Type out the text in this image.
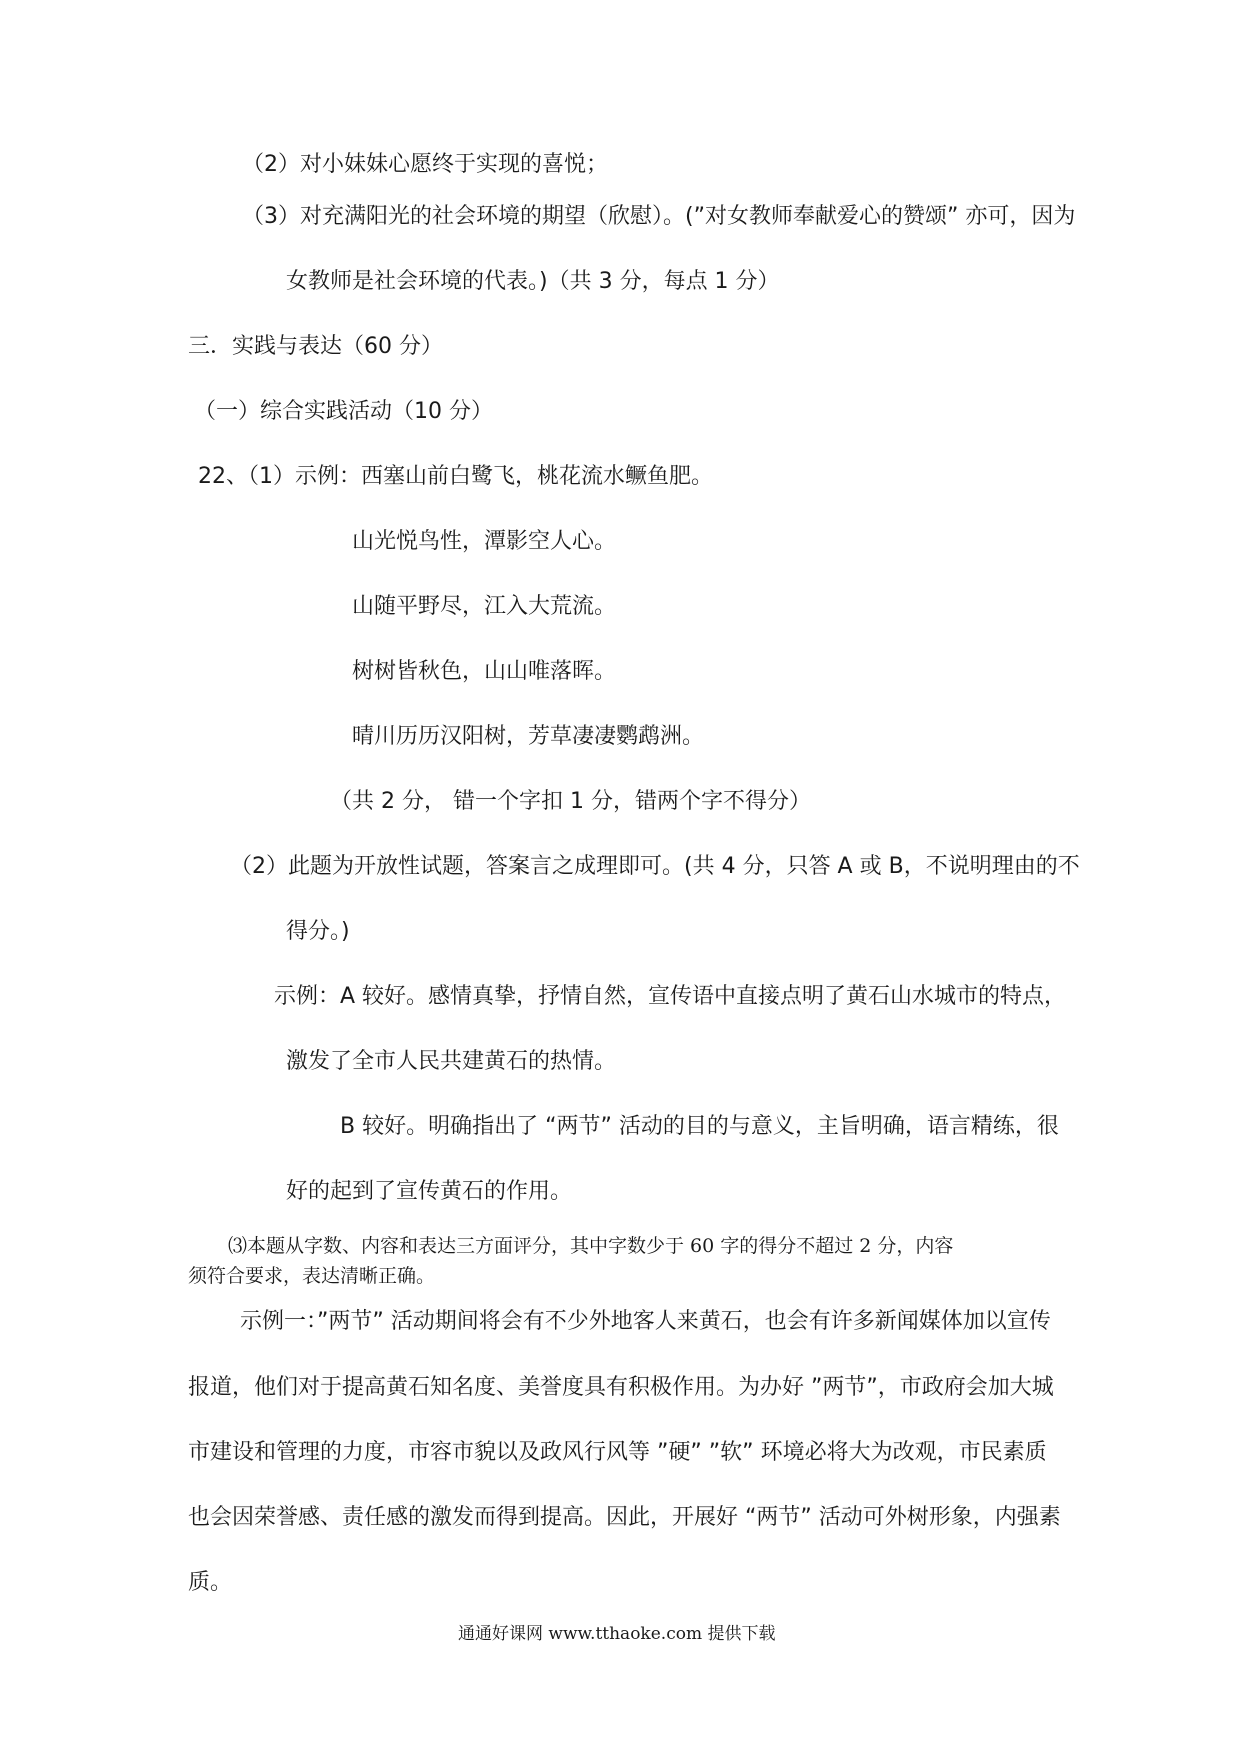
（2）对小妹妹心愿终于实现的喜悦；
（3）对充满阳光的社会环境的期望（欣慰）。(”对女教师奉献爱心的赞颂” 亦可，因为
女教师是社会环境的代表。)（共 3 分，每点 1 分）
三．实践与表达（60 分）
（一）综合实践活动（10 分）
22、（1）示例：西塞山前白鹭飞，桃花流水鳜鱼肥。
山光悦鸟性，潭影空人心。
山随平野尽，江入大荒流。
树树皆秋色，山山唯落晖。
晴川历历汉阳树，芳草凄凄鹦鹉洲。
（共 2 分， 错一个字扣 1 分，错两个字不得分）
（2）此题为开放性试题，答案言之成理即可。(共 4 分，只答 A 或 B，不说明理由的不
得分。)
示例：A 较好。感情真挚，抒情自然，宣传语中直接点明了黄石山水城市的特点，
激发了全市人民共建黄石的热情。
B 较好。明确指出了 “两节” 活动的目的与意义，主旨明确，语言精练，很
好的起到了宣传黄石的作用。
⑶本题从字数、内容和表达三方面评分，其中字数少于 60 字的得分不超过 2 分，内容
须符合要求，表达清晰正确。
示例一：”两节” 活动期间将会有不少外地客人来黄石，也会有许多新闻媒体加以宣传
报道，他们对于提高黄石知名度、美誉度具有积极作用。为办好 ”两节”，市政府会加大城
市建设和管理的力度，市容市貌以及政风行风等 ”硬” ”软” 环境必将大为改观，市民素质
也会因荣誉感、责任感的激发而得到提高。因此，开展好 “两节” 活动可外树形象，内强素
质。
通通好课网 www.tthaoke.com 提供下载
